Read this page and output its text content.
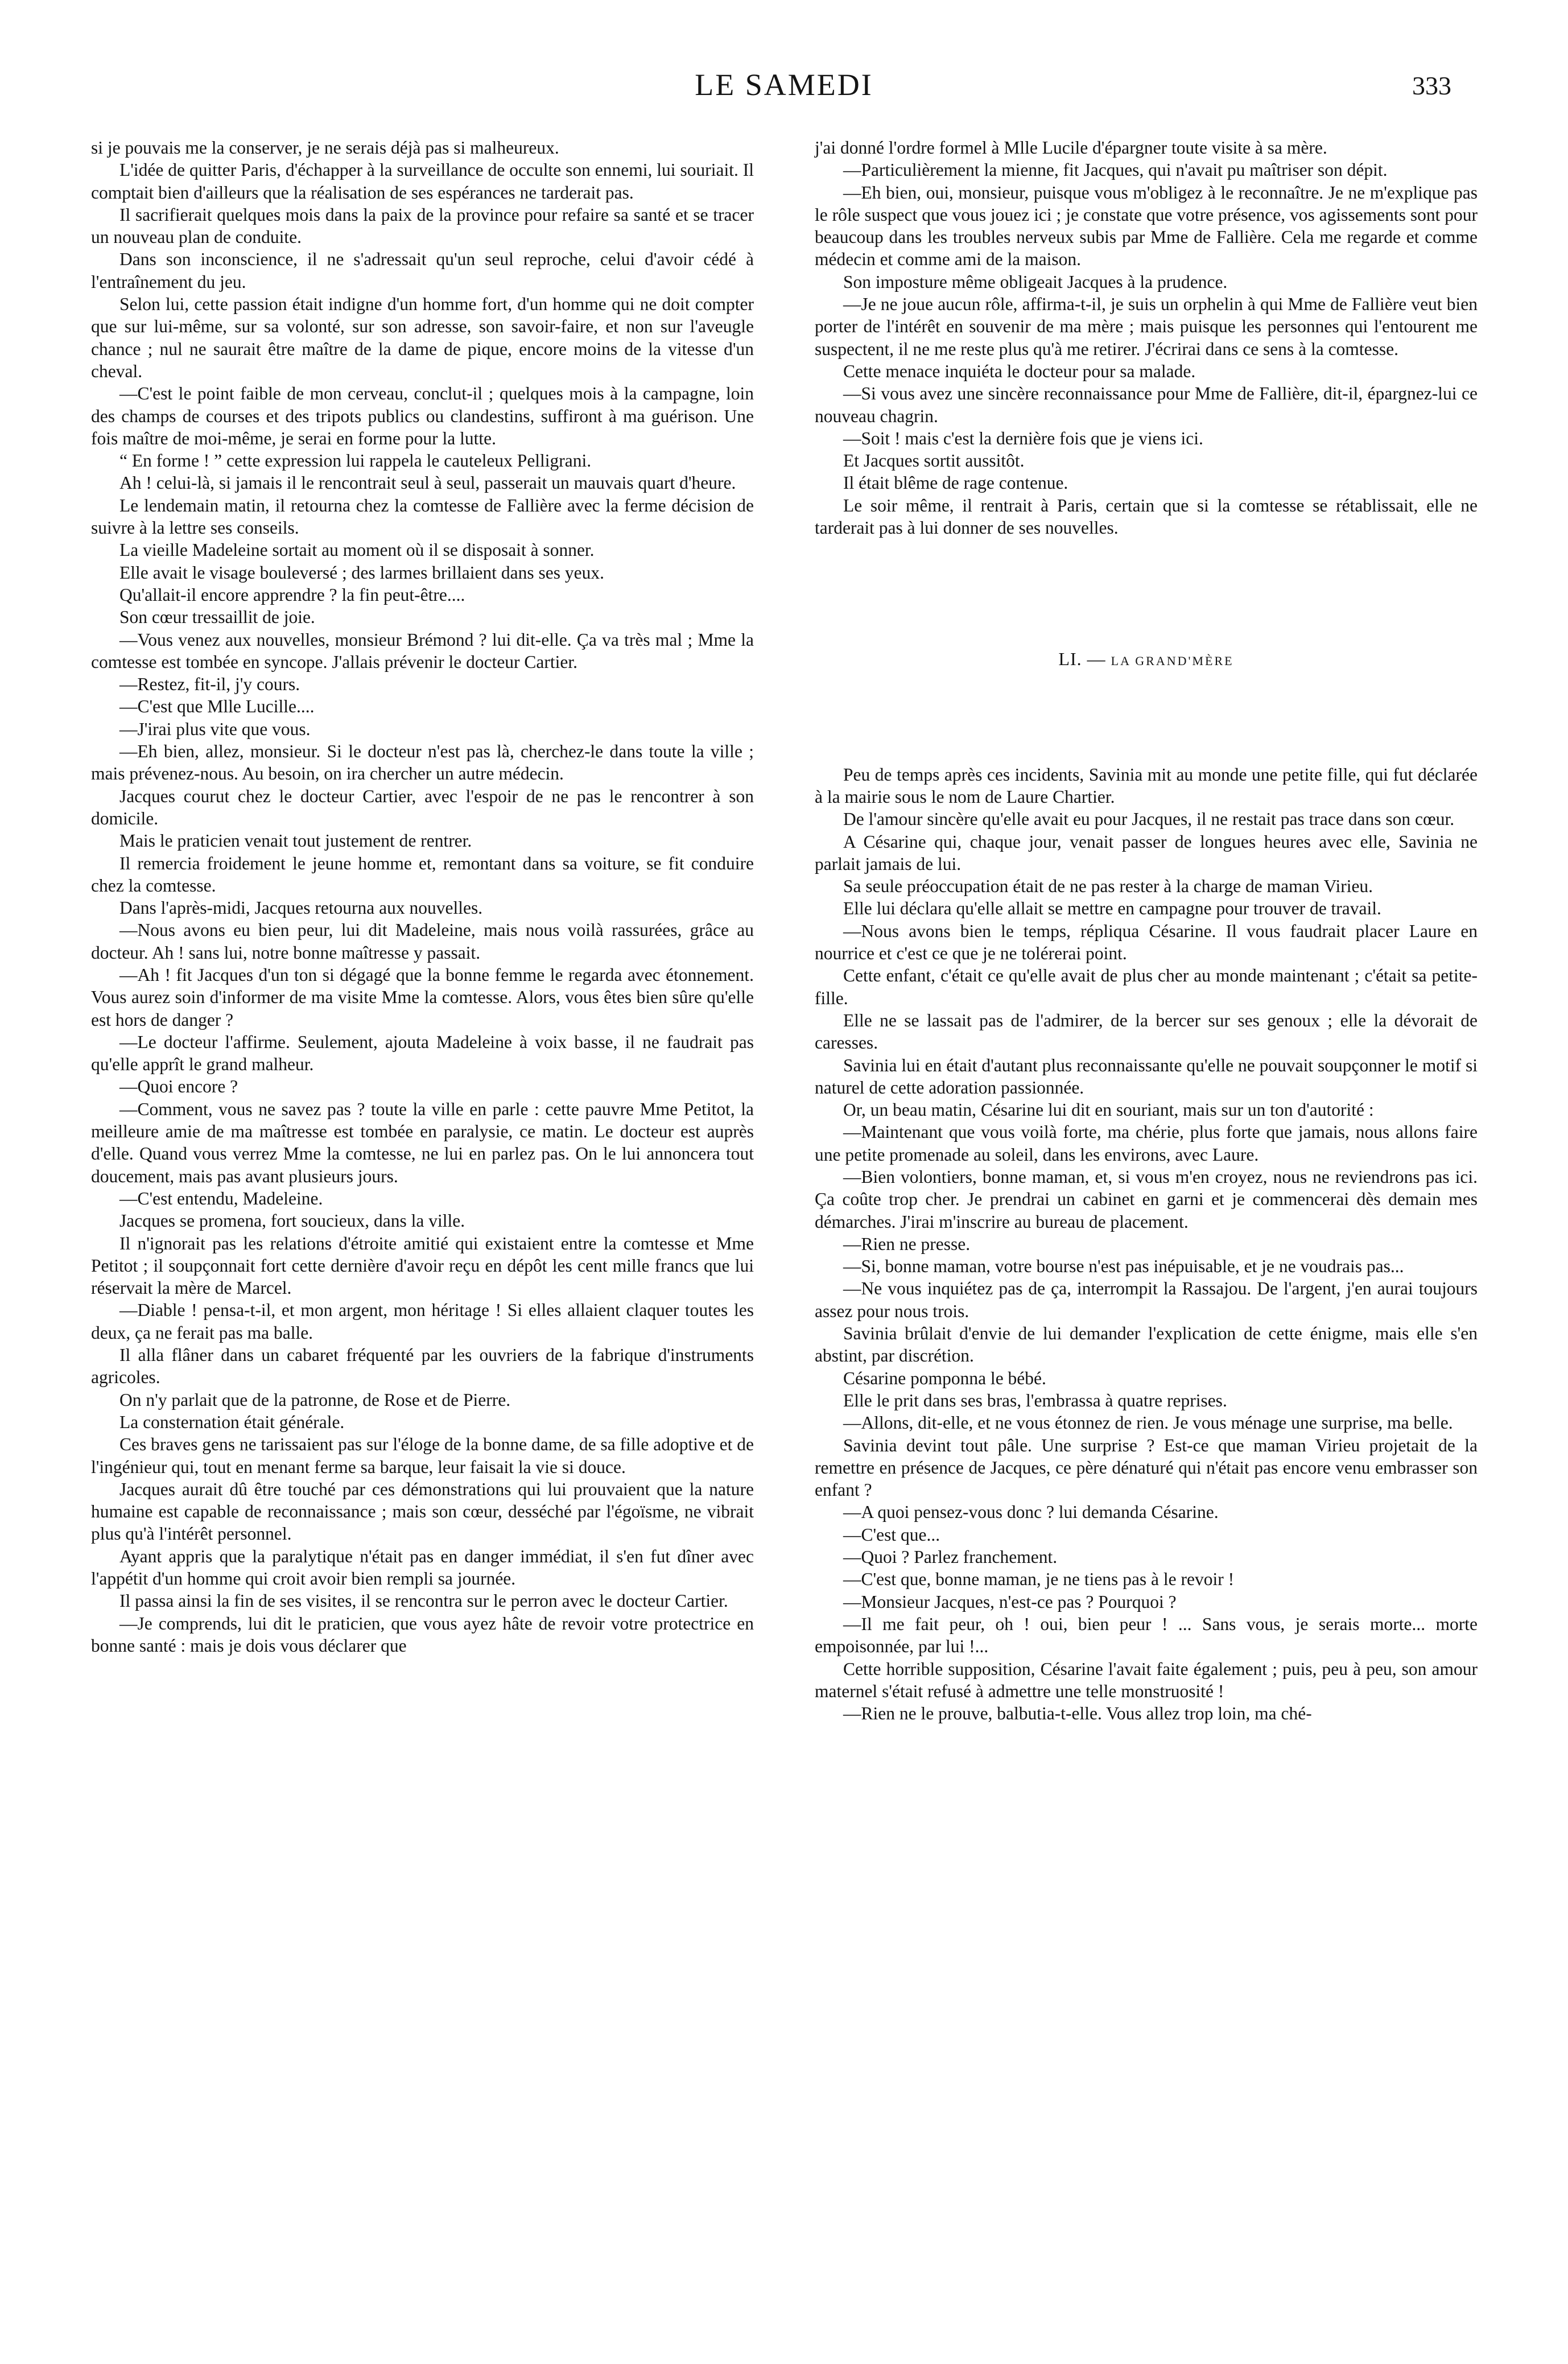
LE SAMEDI	333

si je pouvais me la conserver, je ne serais déjà pas si malheureux.

L'idée de quitter Paris, d'échapper à la surveillance de occulte son ennemi, lui souriait. Il comptait bien d'ailleurs que la réalisation de ses espérances ne tarderait pas.

Il sacrifierait quelques mois dans la paix de la province pour refaire sa santé et se tracer un nouveau plan de conduite.

Dans son inconscience, il ne s'adressait qu'un seul reproche, celui d'avoir cédé à l'entraînement du jeu.

Selon lui, cette passion était indigne d'un homme fort, d'un homme qui ne doit compter que sur lui-même, sur sa volonté, sur son adresse, son savoir-faire, et non sur l'aveugle chance ; nul ne saurait être maître de la dame de pique, encore moins de la vitesse d'un cheval.

—C'est le point faible de mon cerveau, conclut-il ; quelques mois à la campagne, loin des champs de courses et des tripots publics ou clandestins, suffiront à ma guérison. Une fois maître de moi-même, je serai en forme pour la lutte.

“ En forme ! ” cette expression lui rappela le cauteleux Pelligrani.

Ah ! celui-là, si jamais il le rencontrait seul à seul, passerait un mauvais quart d'heure.

Le lendemain matin, il retourna chez la comtesse de Fallière avec la ferme décision de suivre à la lettre ses conseils.

La vieille Madeleine sortait au moment où il se disposait à sonner.

Elle avait le visage bouleversé ; des larmes brillaient dans ses yeux.

Qu'allait-il encore apprendre ? la fin peut-être....

Son cœur tressaillit de joie.

—Vous venez aux nouvelles, monsieur Brémond ? lui dit-elle. Ça va très mal ; Mme la comtesse est tombée en syncope. J'allais prévenir le docteur Cartier.

—Restez, fit-il, j'y cours.

—C'est que Mlle Lucille....

—J'irai plus vite que vous.

—Eh bien, allez, monsieur. Si le docteur n'est pas là, cherchez-le dans toute la ville ; mais prévenez-nous. Au besoin, on ira chercher un autre médecin.

Jacques courut chez le docteur Cartier, avec l'espoir de ne pas le rencontrer à son domicile.

Mais le praticien venait tout justement de rentrer.

Il remercia froidement le jeune homme et, remontant dans sa voiture, se fit conduire chez la comtesse.

Dans l'après-midi, Jacques retourna aux nouvelles.

—Nous avons eu bien peur, lui dit Madeleine, mais nous voilà rassurées, grâce au docteur. Ah ! sans lui, notre bonne maîtresse y passait.

—Ah ! fit Jacques d'un ton si dégagé que la bonne femme le regarda avec étonnement. Vous aurez soin d'informer de ma visite Mme la comtesse. Alors, vous êtes bien sûre qu'elle est hors de danger ?

—Le docteur l'affirme. Seulement, ajouta Madeleine à voix basse, il ne faudrait pas qu'elle apprît le grand malheur.

—Quoi encore ?

—Comment, vous ne savez pas ? toute la ville en parle : cette pauvre Mme Petitot, la meilleure amie de ma maîtresse est tombée en paralysie, ce matin. Le docteur est auprès d'elle. Quand vous verrez Mme la comtesse, ne lui en parlez pas. On le lui annoncera tout doucement, mais pas avant plusieurs jours.

—C'est entendu, Madeleine.

Jacques se promena, fort soucieux, dans la ville.

Il n'ignorait pas les relations d'étroite amitié qui existaient entre la comtesse et Mme Petitot ; il soupçonnait fort cette dernière d'avoir reçu en dépôt les cent mille francs que lui réservait la mère de Marcel.

—Diable ! pensa-t-il, et mon argent, mon héritage ! Si elles allaient claquer toutes les deux, ça ne ferait pas ma balle.

Il alla flâner dans un cabaret fréquenté par les ouvriers de la fabrique d'instruments agricoles.

On n'y parlait que de la patronne, de Rose et de Pierre.

La consternation était générale.

Ces braves gens ne tarissaient pas sur l'éloge de la bonne dame, de sa fille adoptive et de l'ingénieur qui, tout en menant ferme sa barque, leur faisait la vie si douce.

Jacques aurait dû être touché par ces démonstrations qui lui prouvaient que la nature humaine est capable de reconnaissance ; mais son cœur, desséché par l'égoïsme, ne vibrait plus qu'à l'intérêt personnel.

Ayant appris que la paralytique n'était pas en danger immédiat, il s'en fut dîner avec l'appétit d'un homme qui croit avoir bien rempli sa journée.

Il passa ainsi la fin de ses visites, il se rencontra sur le perron avec le docteur Cartier.

—Je comprends, lui dit le praticien, que vous ayez hâte de revoir votre protectrice en bonne santé : mais je dois vous déclarer que

j'ai donné l'ordre formel à Mlle Lucile d'épargner toute visite à sa mère.

—Particulièrement la mienne, fit Jacques, qui n'avait pu maîtriser son dépit.

—Eh bien, oui, monsieur, puisque vous m'obligez à le reconnaître. Je ne m'explique pas le rôle suspect que vous jouez ici ; je constate que votre présence, vos agissements sont pour beaucoup dans les troubles nerveux subis par Mme de Fallière. Cela me regarde et comme médecin et comme ami de la maison.

Son imposture même obligeait Jacques à la prudence.

—Je ne joue aucun rôle, affirma-t-il, je suis un orphelin à qui Mme de Fallière veut bien porter de l'intérêt en souvenir de ma mère ; mais puisque les personnes qui l'entourent me suspectent, il ne me reste plus qu'à me retirer. J'écrirai dans ce sens à la comtesse.

Cette menace inquiéta le docteur pour sa malade.

—Si vous avez une sincère reconnaissance pour Mme de Fallière, dit-il, épargnez-lui ce nouveau chagrin.

—Soit ! mais c'est la dernière fois que je viens ici.

Et Jacques sortit aussitôt.

Il était blême de rage contenue.

Le soir même, il rentrait à Paris, certain que si la comtesse se rétablissait, elle ne tarderait pas à lui donner de ses nouvelles.

LI. — LA GRAND'MÈRE

Peu de temps après ces incidents, Savinia mit au monde une petite fille, qui fut déclarée à la mairie sous le nom de Laure Chartier.

De l'amour sincère qu'elle avait eu pour Jacques, il ne restait pas trace dans son cœur.

A Césarine qui, chaque jour, venait passer de longues heures avec elle, Savinia ne parlait jamais de lui.

Sa seule préoccupation était de ne pas rester à la charge de maman Virieu.

Elle lui déclara qu'elle allait se mettre en campagne pour trouver de travail.

—Nous avons bien le temps, répliqua Césarine. Il vous faudrait placer Laure en nourrice et c'est ce que je ne tolérerai point.

Cette enfant, c'était ce qu'elle avait de plus cher au monde maintenant ; c'était sa petite-fille.

Elle ne se lassait pas de l'admirer, de la bercer sur ses genoux ; elle la dévorait de caresses.

Savinia lui en était d'autant plus reconnaissante qu'elle ne pouvait soupçonner le motif si naturel de cette adoration passionnée.

Or, un beau matin, Césarine lui dit en souriant, mais sur un ton d'autorité :

—Maintenant que vous voilà forte, ma chérie, plus forte que jamais, nous allons faire une petite promenade au soleil, dans les environs, avec Laure.

—Bien volontiers, bonne maman, et, si vous m'en croyez, nous ne reviendrons pas ici. Ça coûte trop cher. Je prendrai un cabinet en garni et je commencerai dès demain mes démarches. J'irai m'inscrire au bureau de placement.

—Rien ne presse.

—Si, bonne maman, votre bourse n'est pas inépuisable, et je ne voudrais pas...

—Ne vous inquiétez pas de ça, interrompit la Rassajou. De l'argent, j'en aurai toujours assez pour nous trois.

Savinia brûlait d'envie de lui demander l'explication de cette énigme, mais elle s'en abstint, par discrétion.

Césarine pomponna le bébé.

Elle le prit dans ses bras, l'embrassa à quatre reprises.

—Allons, dit-elle, et ne vous étonnez de rien. Je vous ménage une surprise, ma belle.

Savinia devint tout pâle. Une surprise ? Est-ce que maman Virieu projetait de la remettre en présence de Jacques, ce père dénaturé qui n'était pas encore venu embrasser son enfant ?

—A quoi pensez-vous donc ? lui demanda Césarine.

—C'est que...

—Quoi ? Parlez franchement.

—C'est que, bonne maman, je ne tiens pas à le revoir !

—Monsieur Jacques, n'est-ce pas ? Pourquoi ?

—Il me fait peur, oh ! oui, bien peur ! ... Sans vous, je serais morte... morte empoisonnée, par lui !...

Cette horrible supposition, Césarine l'avait faite également ; puis, peu à peu, son amour maternel s'était refusé à admettre une telle monstruosité !

—Rien ne le prouve, balbutia-t-elle. Vous allez trop loin, ma ché-
